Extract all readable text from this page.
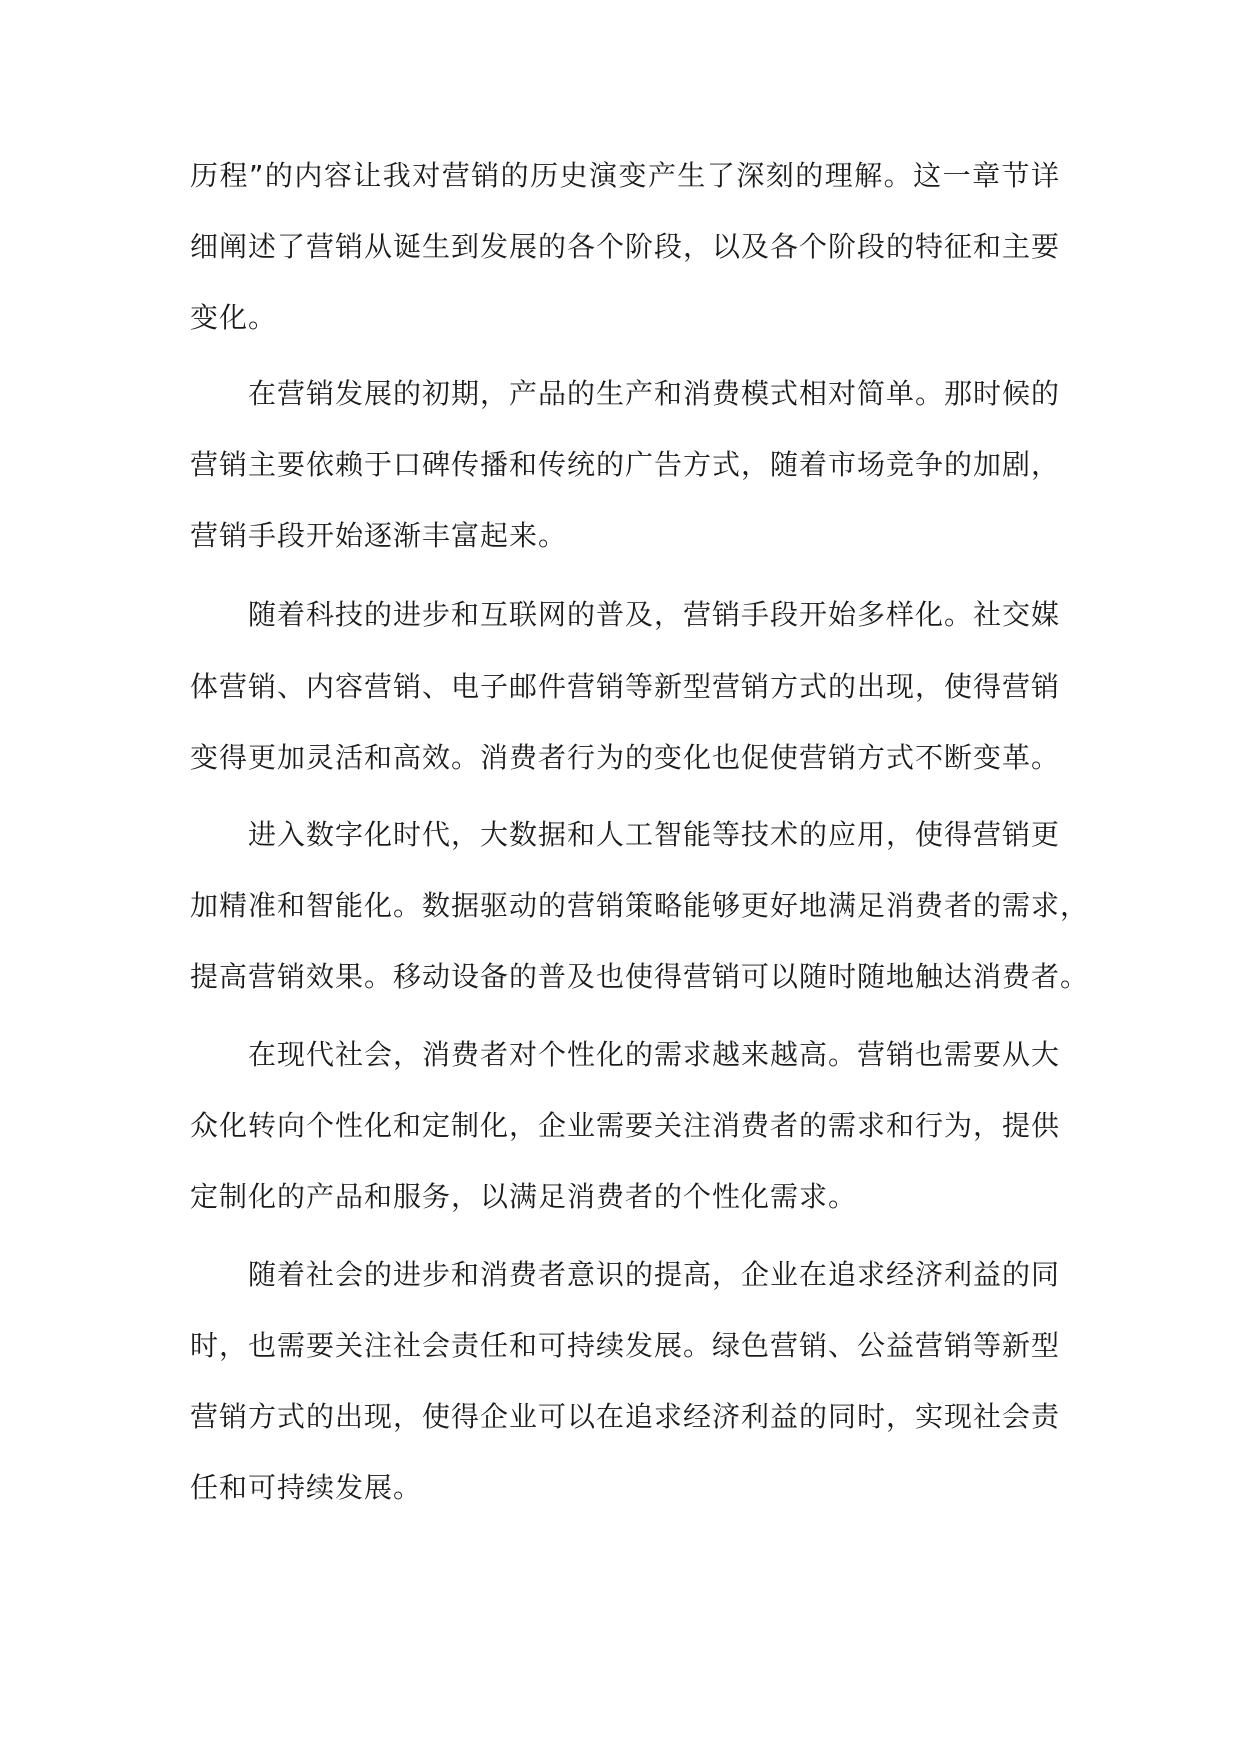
历程”的内容让我对营销的历史演变产生了深刻的理解。这一章节详
细阐述了营销从诞生到发展的各个阶段，以及各个阶段的特征和主要
变化。
在营销发展的初期，产品的生产和消费模式相对简单。那时候的
营销主要依赖于口碑传播和传统的广告方式，随着市场竞争的加剧，
营销手段开始逐渐丰富起来。
随着科技的进步和互联网的普及，营销手段开始多样化。社交媒
体营销、内容营销、电子邮件营销等新型营销方式的出现，使得营销
变得更加灵活和高效。消费者行为的变化也促使营销方式不断变革。
进入数字化时代，大数据和人工智能等技术的应用，使得营销更
加精准和智能化。数据驱动的营销策略能够更好地满足消费者的需求，
提高营销效果。移动设备的普及也使得营销可以随时随地触达消费者。
在现代社会，消费者对个性化的需求越来越高。营销也需要从大
众化转向个性化和定制化，企业需要关注消费者的需求和行为，提供
定制化的产品和服务，以满足消费者的个性化需求。
随着社会的进步和消费者意识的提高，企业在追求经济利益的同
时，也需要关注社会责任和可持续发展。绿色营销、公益营销等新型
营销方式的出现，使得企业可以在追求经济利益的同时，实现社会责
任和可持续发展。
